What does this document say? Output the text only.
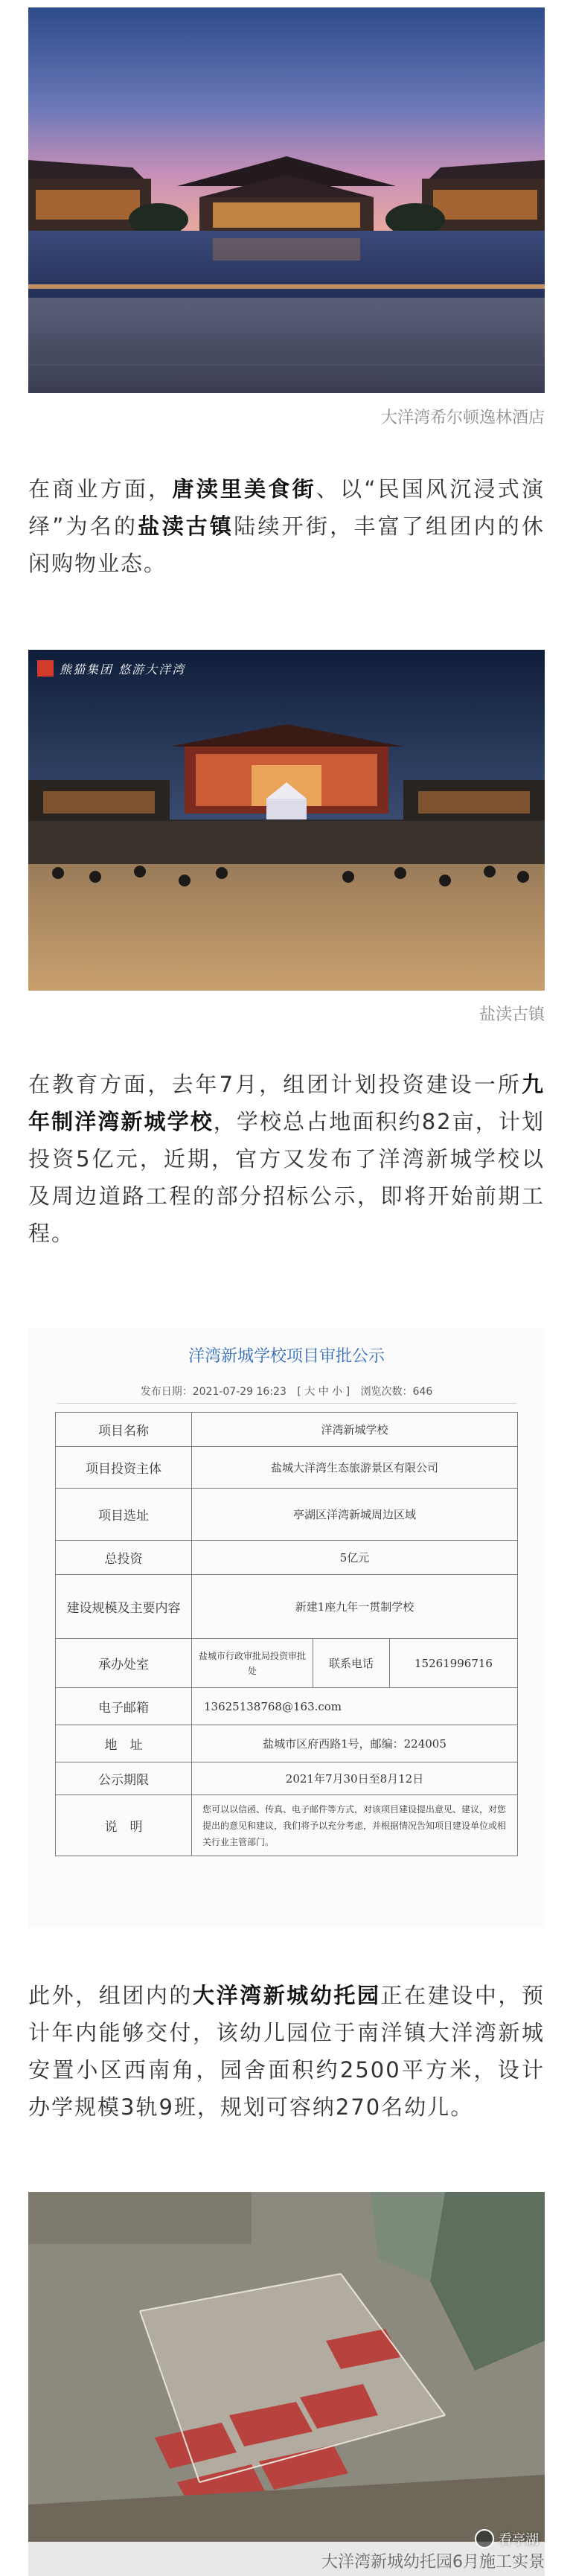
大洋湾希尔顿逸林酒店

在商业方面，唐渎里美食街、以“民国风沉浸式演绎”为名的盐渎古镇陆续开街，丰富了组团内的休闲购物业态。

熊猫集团 悠游大洋湾
盐渎古镇

在教育方面，去年7月，组团计划投资建设一所九年制洋湾新城学校，学校总占地面积约82亩，计划投资5亿元，近期，官方又发布了洋湾新城学校以及周边道路工程的部分招标公示，即将开始前期工程。

洋湾新城学校项目审批公示
发布日期：2021-07-29 16:23 [ 大 中 小 ] 浏览次数：646
项目名称	洋湾新城学校		
项目投资主体	盐城大洋湾生态旅游景区有限公司		
项目选址	亭湖区洋湾新城周边区域		
总投资	5亿元		
建设规模及主要内容	新建1座九年一贯制学校		
承办处室	盐城市行政审批局投资审批处	联系电话	15261996716
电子邮箱	13625138768@163.com		
地　址	盐城市区府西路1号，邮编：224005		
公示期限	2021年7月30日至8月12日		
说　明	您可以以信函、传真、电子邮件等方式，对该项目建设提出意见、建议，对您提出的意见和建议，我们将予以充分考虑，并根据情况告知项目建设单位或相关行业主管部门。		

此外，组团内的大洋湾新城幼托园正在建设中，预计年内能够交付，该幼儿园位于南洋镇大洋湾新城安置小区西南角，园舍面积约2500平方米，设计办学规模3轨9班，规划可容纳270名幼儿。

大洋湾新城幼托园6月施工实景
看亭湖
